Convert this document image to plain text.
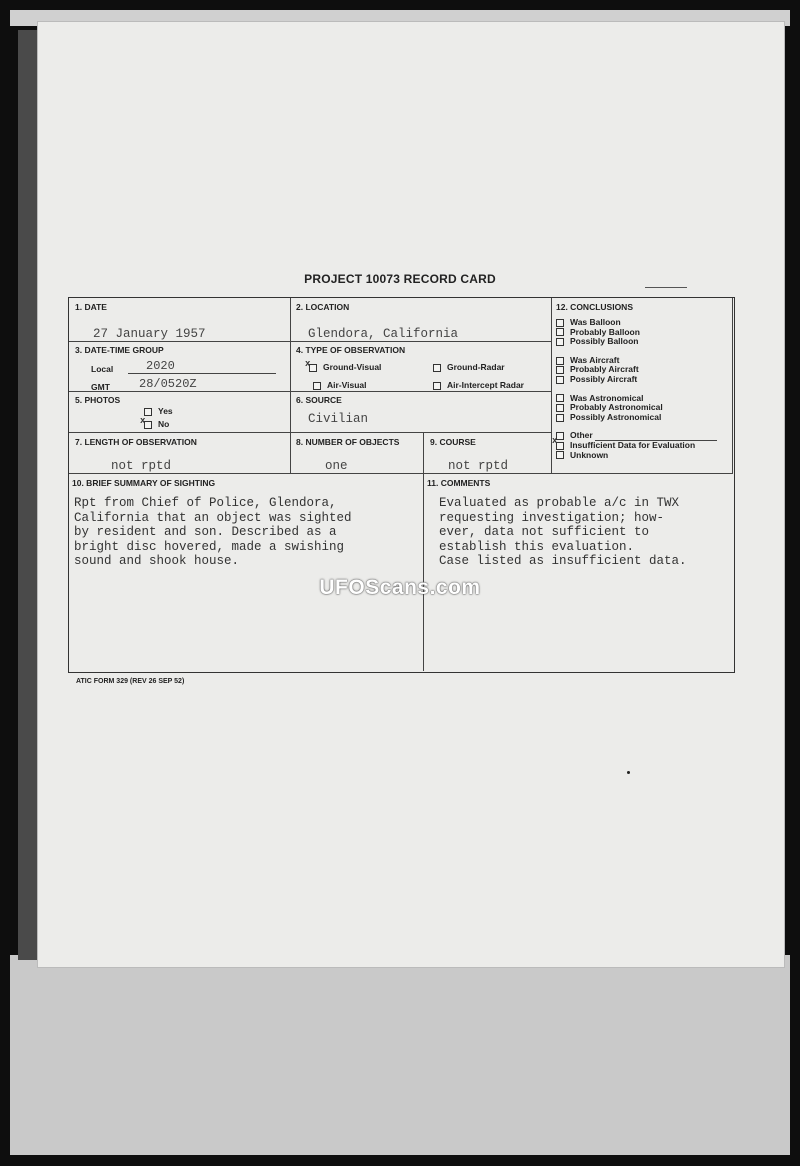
PROJECT 10073 RECORD CARD
1. DATE
27 January 1957
2. LOCATION
Glendora, California
3. DATE-TIME GROUP
Local	2020
GMT 28/0520Z
4. TYPE OF OBSERVATION
xGround-Visual	Ground-Radar
Air-Visual	Air-Intercept Radar
5. PHOTOS
Yes
xNo
6. SOURCE
Civilian
7. LENGTH OF OBSERVATION
not rptd
8. NUMBER OF OBJECTS
one
9. COURSE
not rptd
12. CONCLUSIONS
10. BRIEF SUMMARY OF SIGHTING
Rpt from Chief of Police, Glendora,
California that an object was sighted
by resident and son. Described as a
bright disc hovered, made a swishing
sound and shook house.
11. COMMENTS
Evaluated as probable a/c in TWX
requesting investigation; how-
ever, data not sufficient to
establish this evaluation.
Case listed as insufficient data.
Was Balloon
Probably Balloon
Possibly Balloon
Was Aircraft
Probably Aircraft
Possibly Aircraft
Was Astronomical
Probably Astronomical
Possibly Astronomical
Other
xInsufficient Data for Evaluation
Unknown
ATIC FORM 329 (REV 26 SEP 52)
UFOScans.com
